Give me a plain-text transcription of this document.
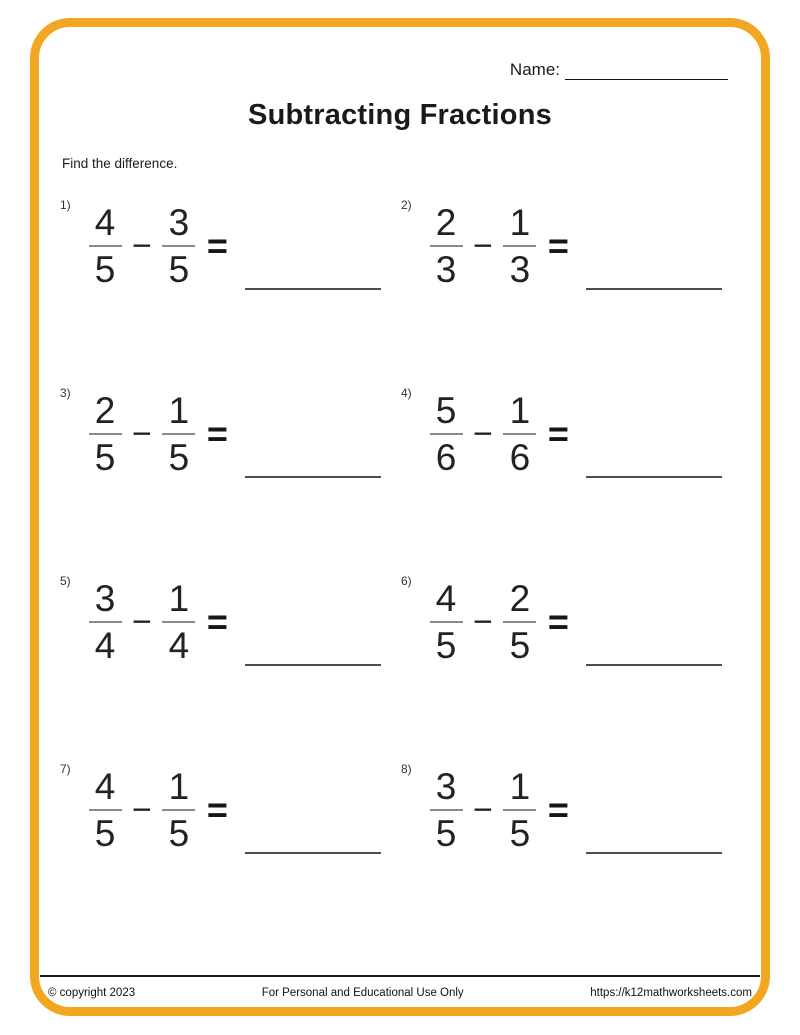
Name:
Subtracting Fractions
Find the difference.
$1) \frac{4}{5} - \frac{3}{5}$ =
$2) \frac{2}{3} - \frac{1}{3}$ =
$3) \frac{2}{5} - \frac{1}{5}$ =
$4) \frac{5}{6} - \frac{1}{6}$ =
$5) \frac{3}{4} - \frac{1}{4}$ =
$6) \frac{4}{5} - \frac{2}{5}$ =
$7) \frac{4}{5} - \frac{1}{5}$ =
$8) \frac{3}{5} - \frac{1}{5}$ =
© copyright 2023	For Personal and Educational Use Only	https://k12mathworksheets.com
